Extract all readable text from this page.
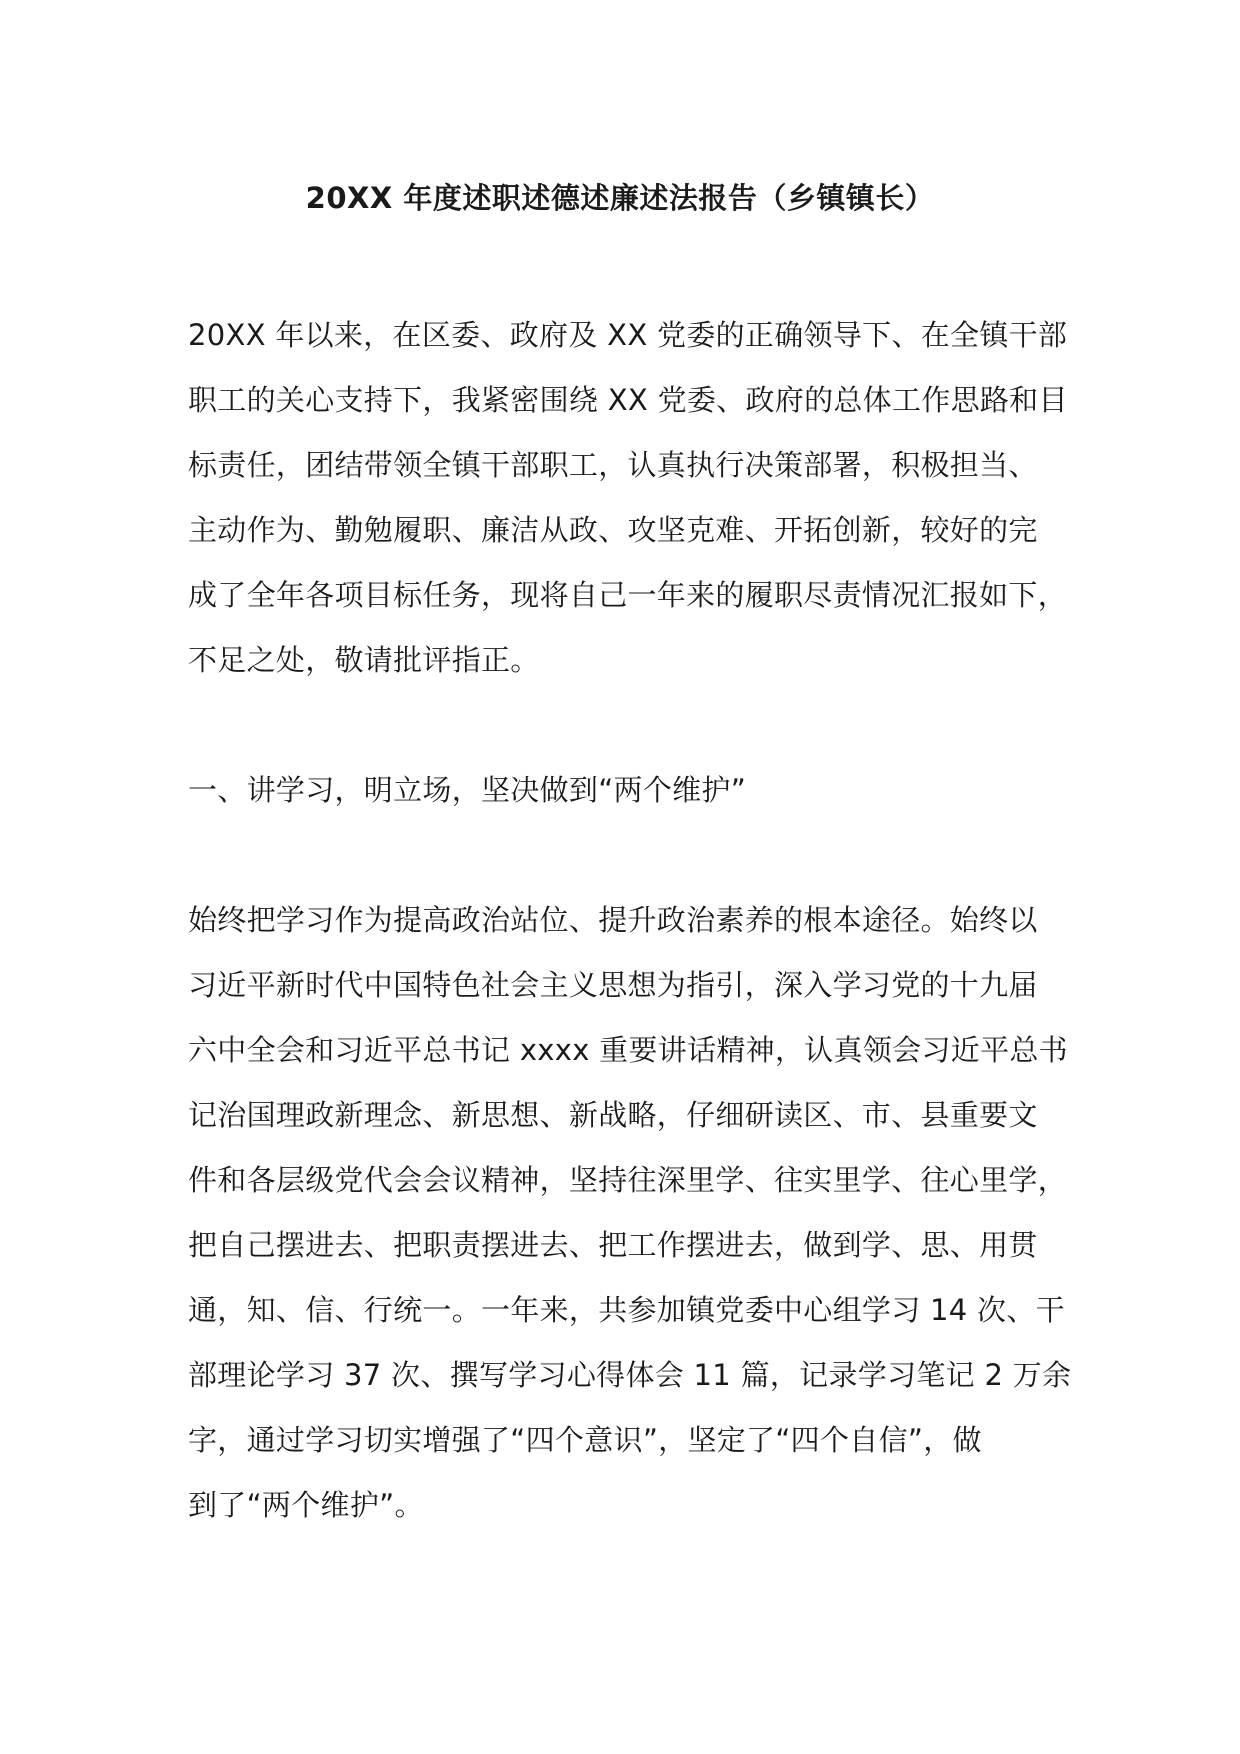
20XX 年度述职述德述廉述法报告（乡镇镇长）

20XX 年以来，在区委、政府及 XX 党委的正确领导下、在全镇干部
职工的关心支持下，我紧密围绕 XX 党委、政府的总体工作思路和目
标责任，团结带领全镇干部职工，认真执行决策部署，积极担当、
主动作为、勤勉履职、廉洁从政、攻坚克难、开拓创新，较好的完
成了全年各项目标任务，现将自己一年来的履职尽责情况汇报如下，
不足之处，敬请批评指正。

一、讲学习，明立场，坚决做到“两个维护”

始终把学习作为提高政治站位、提升政治素养的根本途径。始终以
习近平新时代中国特色社会主义思想为指引，深入学习党的十九届
六中全会和习近平总书记 xxxx 重要讲话精神，认真领会习近平总书
记治国理政新理念、新思想、新战略，仔细研读区、市、县重要文
件和各层级党代会会议精神，坚持往深里学、往实里学、往心里学，
把自己摆进去、把职责摆进去、把工作摆进去，做到学、思、用贯
通，知、信、行统一。一年来，共参加镇党委中心组学习 14 次、干
部理论学习 37 次、撰写学习心得体会 11 篇，记录学习笔记 2 万余
字，通过学习切实增强了“四个意识”，坚定了“四个自信”，做
到了“两个维护”。
